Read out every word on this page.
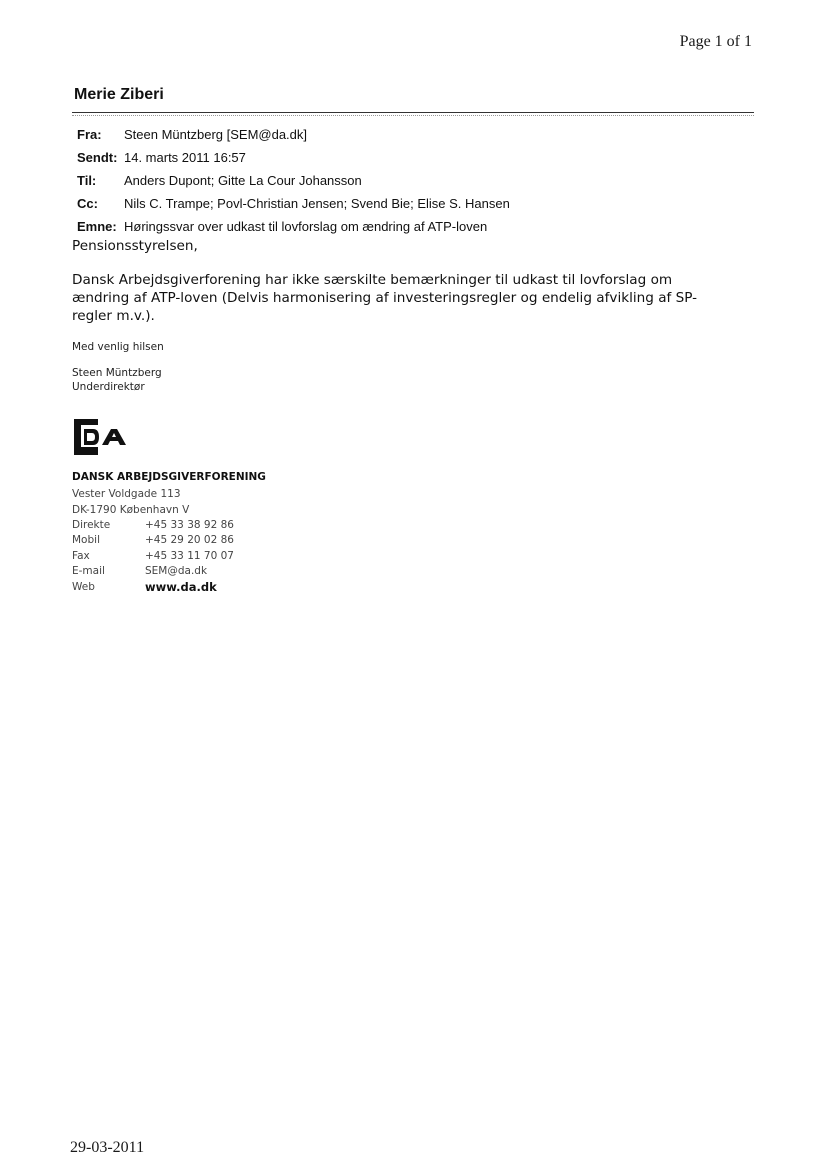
Page 1 of 1
Merie Ziberi
Fra:	Steen Müntzberg [SEM@da.dk]
Sendt: 14. marts 2011 16:57
Til:	Anders Dupont; Gitte La Cour Johansson
Cc:	Nils C. Trampe; Povl-Christian Jensen; Svend Bie; Elise S. Hansen
Emne: Høringssvar over udkast til lovforslag om ændring af ATP-loven
Pensionsstyrelsen,
Dansk Arbejdsgiverforening har ikke særskilte bemærkninger til udkast til lovforslag om
ændring af ATP-loven (Delvis harmonisering af investeringsregler og endelig afvikling af SP-
regler m.v.).
Med venlig hilsen
Steen Müntzberg
Underdirektør
DA
DANSK ARBEJDSGIVERFORENING
Vester Voldgade 113
DK-1790 København V
Direkte	+45 33 38 92 86
Mobil	+45 29 20 02 86
Fax	+45 33 11 70 07
E-mail	SEM@da.dk
Web	www.da.dk
29-03-2011
